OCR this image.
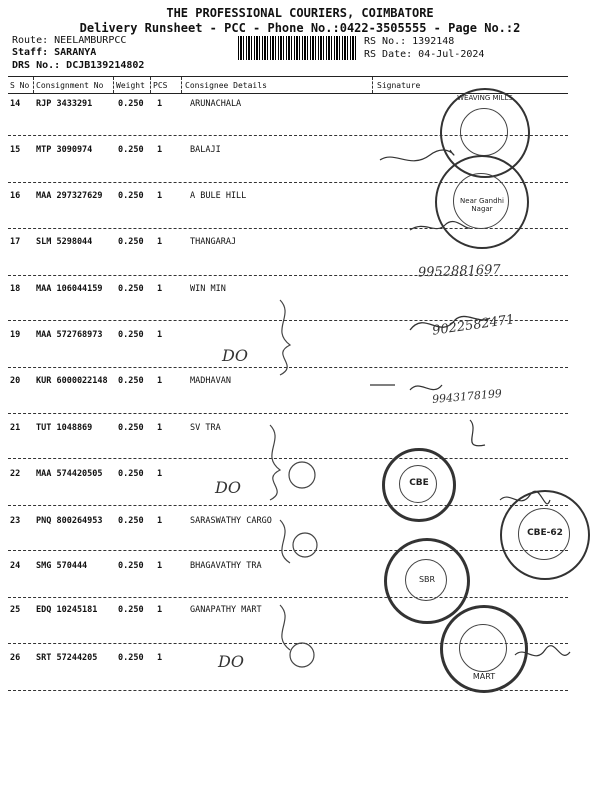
THE PROFESSIONAL COURIERS, COIMBATORE
Delivery Runsheet - PCC - Phone No.:0422-3505555 - Page No.:2
Route: NEELAMBURPCC
Staff: SARANYA
DRS No.: DCJB139214802
RS No.: 1392148
RS Date: 04-Jul-2024
S No Consignment No Weight PCS Consignee Details	Signature
14 RJP 3433291	0.250 1	ARUNACHALA
15 MTP 3090974	0.250 1	BALAJI
16 MAA 297327629 0.250 1	A BULE HILL
17 SLM 5298044	0.250 1	THANGARAJ
18 MAA 106044159 0.250 1	WIN MIN
19 MAA 572768973 0.250 1
20 KUR 6000022148 0.250 1	MADHAVAN
21 TUT 1048869	0.250 1	SV TRA
22 MAA 574420505 0.250 1
23 PNQ 800264953 0.250 1	SARASWATHY CARGO
24 SMG 570444	0.250 1	BHAGAVATHY TRA
25 EDQ 10245181 0.250 1	GANAPATHY MART
26 SRT 57244205 0.250 1
WEAVING MILLS
Near Gandhi Nagar
CBE
CBE-62
SBR
MART
9952881697
9022582471
9943178199
DO
DO
DO
